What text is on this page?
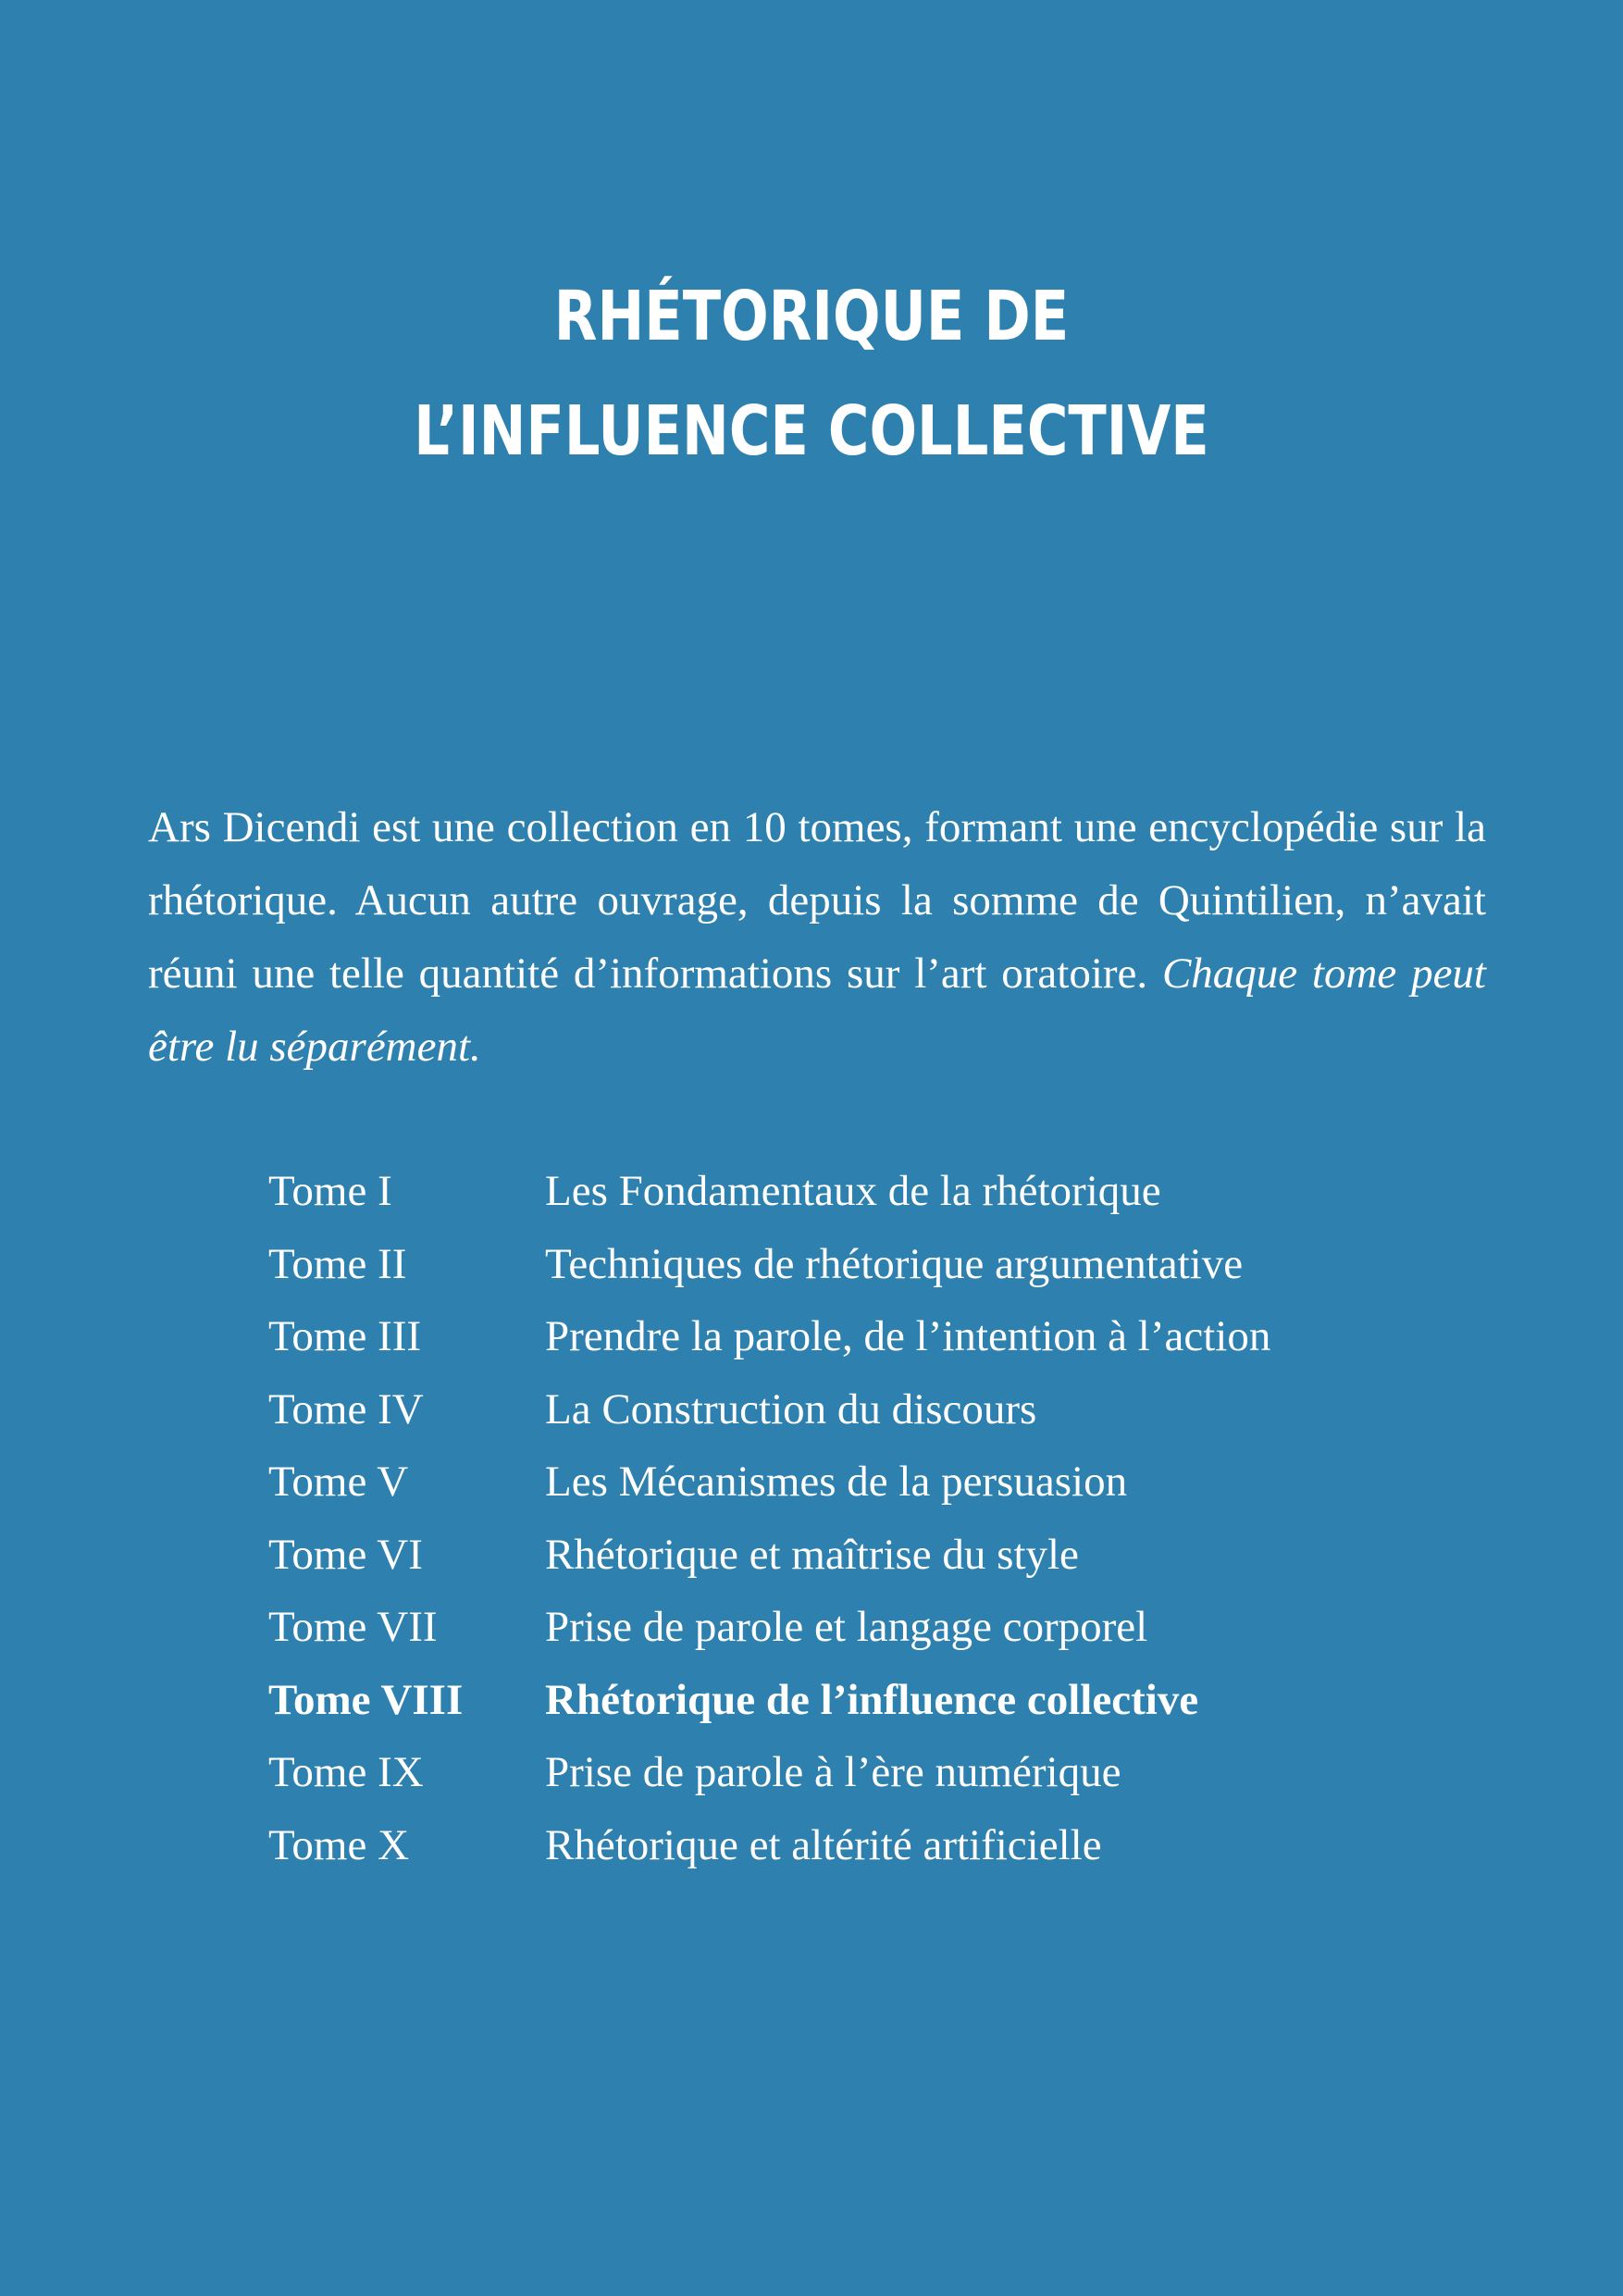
RHÉTORIQUE DE
L’INFLUENCE COLLECTIVE

Ars Dicendi est une collection en 10 tomes, formant une encyclopédie sur la rhétorique. Aucun autre ouvrage, depuis la somme de Quintilien, n’avait réuni une telle quantité d’informations sur l’art oratoire. Chaque tome peut être lu séparément.

Tome I	Les Fondamentaux de la rhétorique
Tome II	Techniques de rhétorique argumentative
Tome III	Prendre la parole, de l’intention à l’action
Tome IV	La Construction du discours
Tome V	Les Mécanismes de la persuasion
Tome VI	Rhétorique et maîtrise du style
Tome VII	Prise de parole et langage corporel
Tome VIII	Rhétorique de l’influence collective
Tome IX	Prise de parole à l’ère numérique
Tome X	Rhétorique et altérité artificielle
